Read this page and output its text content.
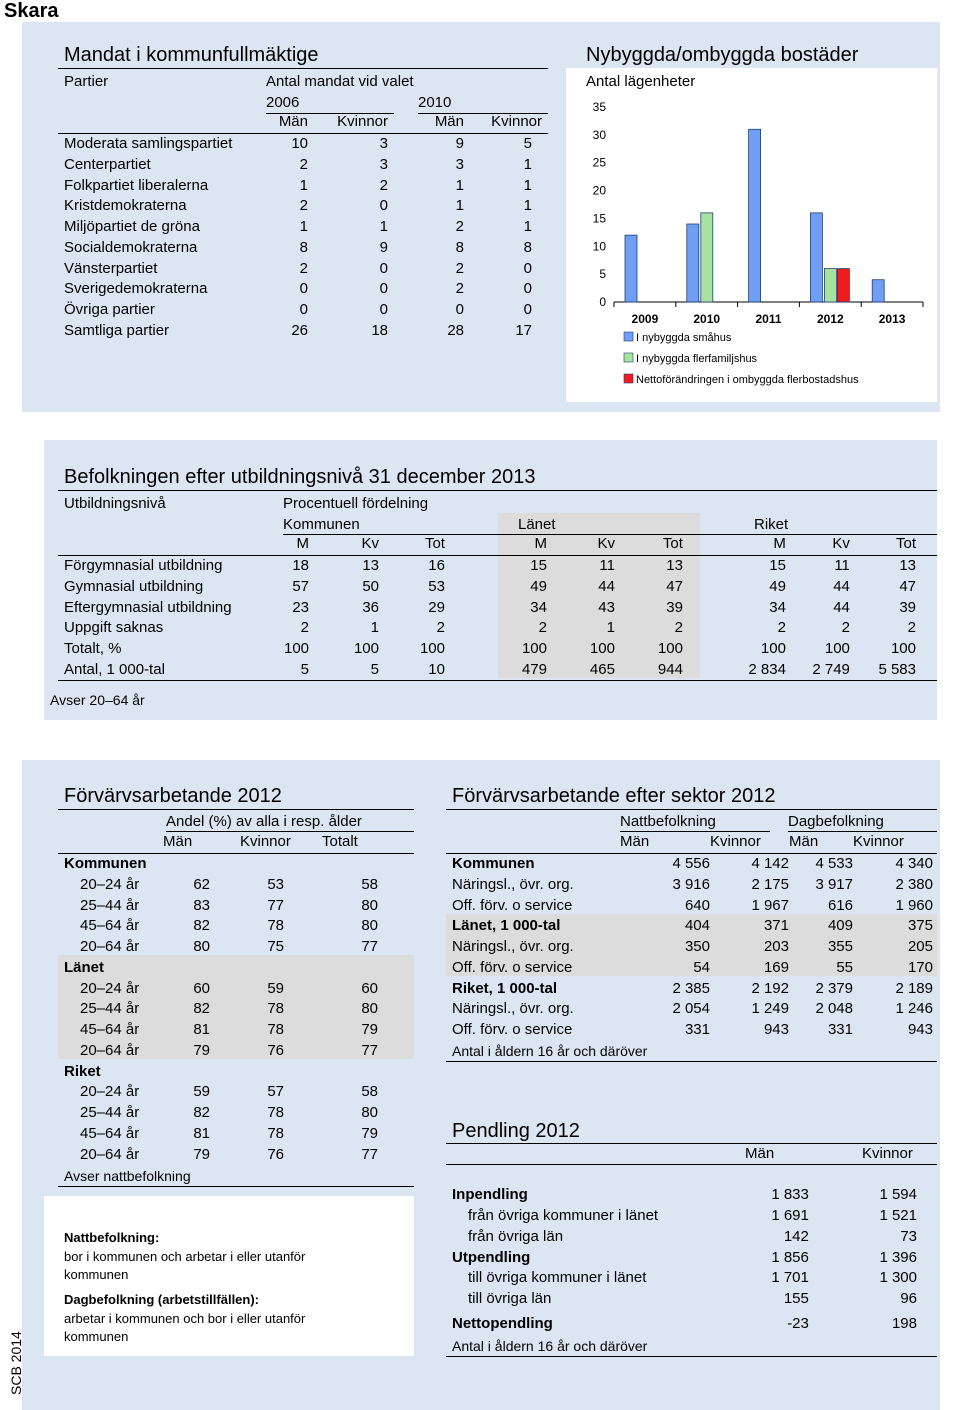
Skara
Mandat i kommunfullmäktige
Partier	Antal mandat vid valet
2006	2010
	Män	Kvinnor	Män	Kvinnor
Moderata samlingspartiet	10	3	9	5
Centerpartiet	2	3	3	1
Folkpartiet liberalerna	1	2	1	1
Kristdemokraterna	2	0	1	1
Miljöpartiet de gröna	1	1	2	1
Socialdemokraterna	8	9	8	8
Vänsterpartiet	2	0	2	0
Sverigedemokraterna	0	0	2	0
Övriga partier	0	0	0	0
Samtliga partier	26	18	28	17
Nybyggda/ombyggda bostäder
Antal lägenheter
0
5
10
15
20
25
30
35
2009	2010	2011	2012	2013
I nybyggda småhus
I nybyggda flerfamiljshus
Nettoförändringen i ombyggda flerbostadshus
Befolkningen efter utbildningsnivå 31 december 2013
Utbildningsnivå	Procentuell fördelning
Kommunen	Länet	Riket
	M	Kv	Tot	M	Kv	Tot	M	Kv	Tot
Förgymnasial utbildning	18	13	16	15	11	13	15	11	13
Gymnasial utbildning	57	50	53	49	44	47	49	44	47
Eftergymnasial utbildning	23	36	29	34	43	39	34	44	39
Uppgift saknas	2	1	2	2	1	2	2	2	2
Totalt, %	100	100	100	100	100	100	100	100	100
Antal, 1 000-tal	5	5	10	479	465	944	2 834	2 749	5 583
Avser 20–64 år
Förvärvsarbetande 2012
Andel (%) av alla i resp. ålder
	Män	Kvinnor	Totalt
Kommunen			
20–24 år	62	53	58
25–44 år	83	77	80
45–64 år	82	78	80
20–64 år	80	75	77
Länet			
20–24 år	60	59	60
25–44 år	82	78	80
45–64 år	81	78	79
20–64 år	79	76	77
Riket			
20–24 år	59	57	58
25–44 år	82	78	80
45–64 år	81	78	79
20–64 år	79	76	77
Avser nattbefolkning
Nattbefolkning:
bor i kommunen och arbetar i eller utanför
kommunen
Dagbefolkning (arbetstillfällen):
arbetar i kommunen och bor i eller utanför
kommunen
Förvärvsarbetande efter sektor 2012
Nattbefolkning	Dagbefolkning
	Män	Kvinnor	Män	Kvinnor
Kommunen	4 556	4 142	4 533	4 340
Näringsl., övr. org.	3 916	2 175	3 917	2 380
Off. förv. o service	640	1 967	616	1 960
Länet, 1 000-tal	404	371	409	375
Näringsl., övr. org.	350	203	355	205
Off. förv. o service	54	169	55	170
Riket, 1 000-tal	2 385	2 192	2 379	2 189
Näringsl., övr. org.	2 054	1 249	2 048	1 246
Off. förv. o service	331	943	331	943
Antal i åldern 16 år och däröver
Pendling 2012
Män	Kvinnor
Inpendling	1 833	1 594
från övriga kommuner i länet	1 691	1 521
från övriga län	142	73
Utpendling	1 856	1 396
till övriga kommuner i länet	1 701	1 300
till övriga län	155	96
Nettopendling	-23	198
Antal i åldern 16 år och däröver
SCB 2014
